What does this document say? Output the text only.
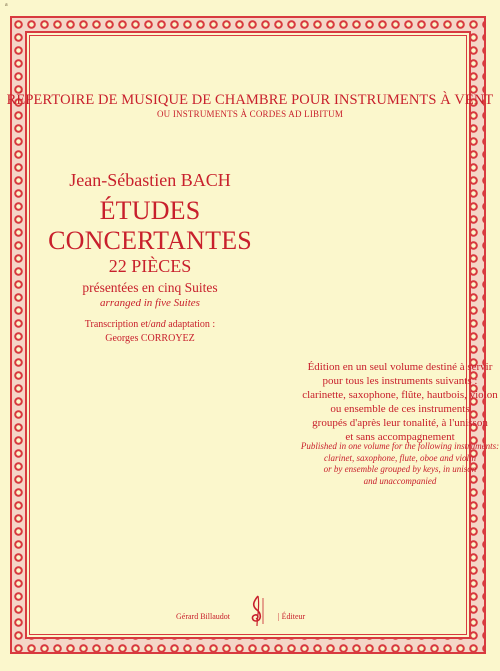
a
RÉPERTOIRE DE MUSIQUE DE CHAMBRE POUR INSTRUMENTS À VENT
OU INSTRUMENTS À CORDES AD LIBITUM
Jean-Sébastien BACH
ÉTUDES
CONCERTANTES
22 PIÈCES
présentées en cinq Suites
arranged in five Suites
Transcription et/and adaptation :
Georges CORROYEZ
Édition en un seul volume destiné à servir
pour tous les instruments suivants :
clarinette, saxophone, flûte, hautbois, violon
ou ensemble de ces instruments
groupés d'après leur tonalité, à l'unisson
et sans accompagnement
Published in one volume for the following instruments:
clarinet, saxophone, flute, oboe and violin
or by ensemble grouped by keys, in unison
and unaccompanied
Gérard Billaudot	| Éditeur
